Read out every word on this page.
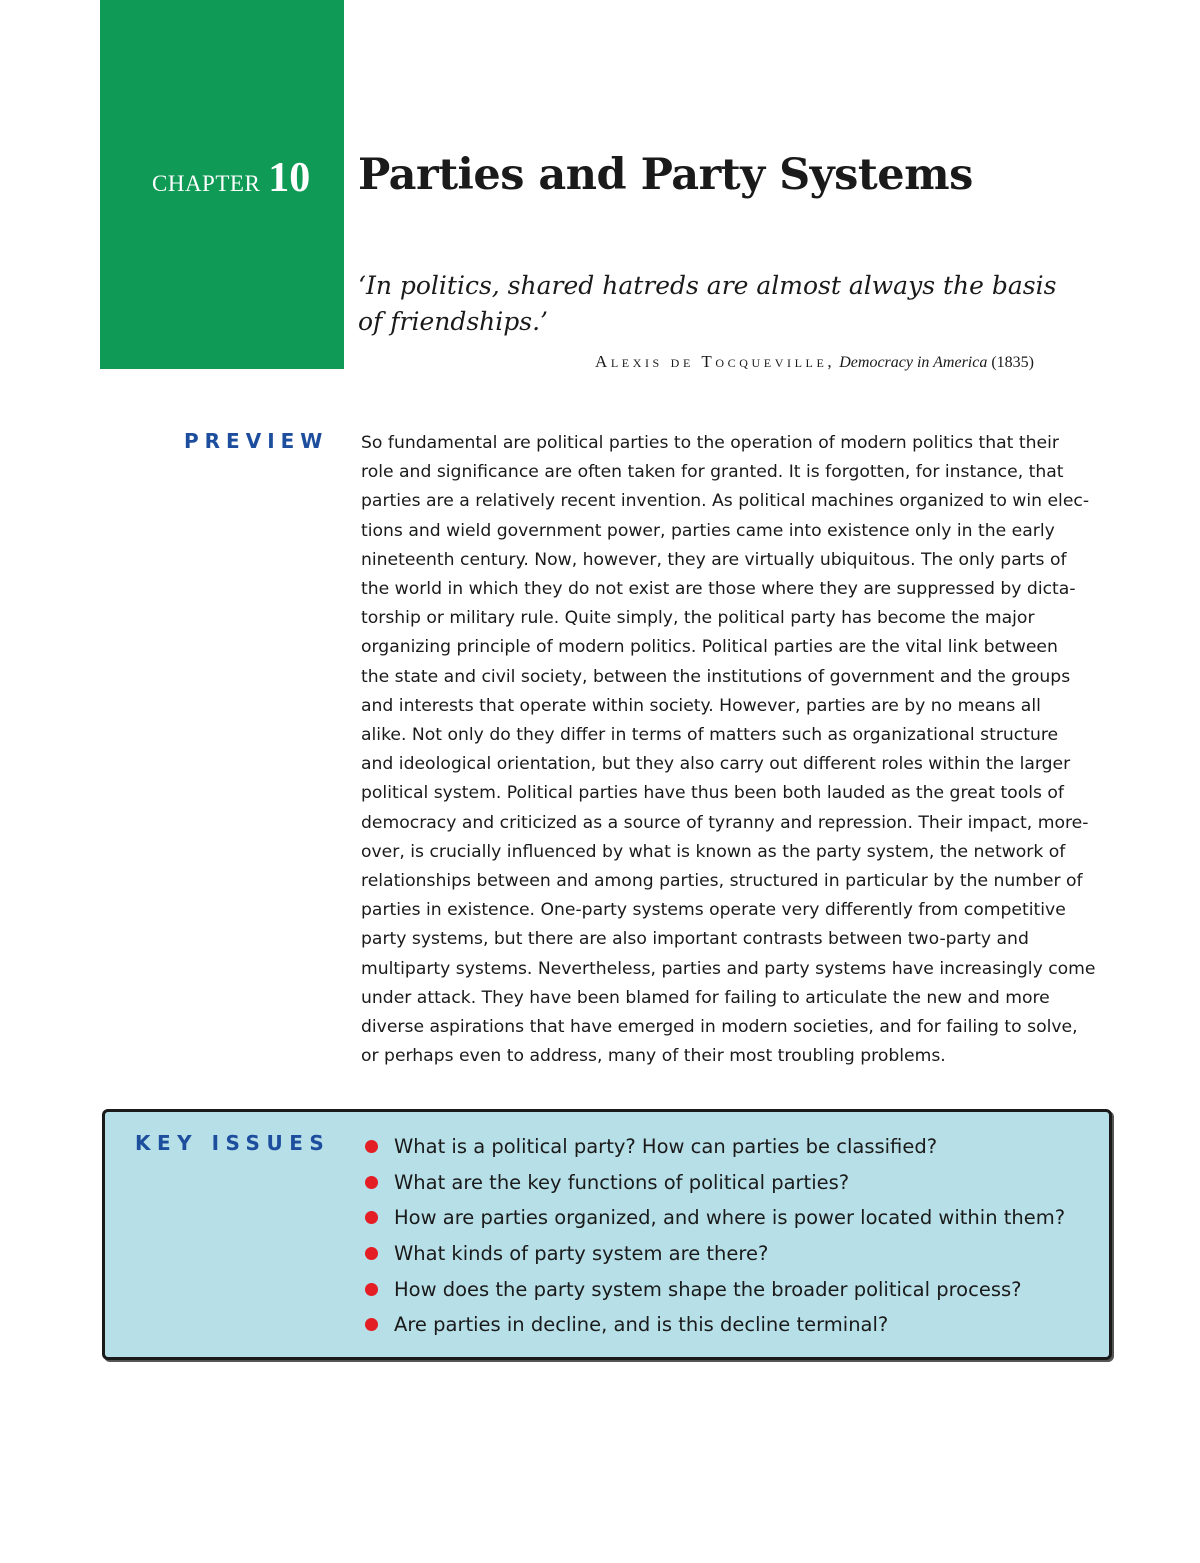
CHAPTER 10 Parties and Party Systems
‘In politics, shared hatreds are almost always the basis of friendships.’
Alexis de Tocqueville, Democracy in America (1835)
PREVIEW So fundamental are political parties to the operation of modern politics that their
role and significance are often taken for granted. It is forgotten, for instance, that
parties are a relatively recent invention. As political machines organized to win elec-
tions and wield government power, parties came into existence only in the early
nineteenth century. Now, however, they are virtually ubiquitous. The only parts of
the world in which they do not exist are those where they are suppressed by dicta-
torship or military rule. Quite simply, the political party has become the major
organizing principle of modern politics. Political parties are the vital link between
the state and civil society, between the institutions of government and the groups
and interests that operate within society. However, parties are by no means all
alike. Not only do they differ in terms of matters such as organizational structure
and ideological orientation, but they also carry out different roles within the larger
political system. Political parties have thus been both lauded as the great tools of
democracy and criticized as a source of tyranny and repression. Their impact, more-
over, is crucially influenced by what is known as the party system, the network of
relationships between and among parties, structured in particular by the number of
parties in existence. One-party systems operate very differently from competitive
party systems, but there are also important contrasts between two-party and
multiparty systems. Nevertheless, parties and party systems have increasingly come
under attack. They have been blamed for failing to articulate the new and more
diverse aspirations that have emerged in modern societies, and for failing to solve,
or perhaps even to address, many of their most troubling problems.
KEY ISSUES	What is a political party? How can parties be classified?
What are the key functions of political parties?
How are parties organized, and where is power located within them?
What kinds of party system are there?
How does the party system shape the broader political process?
Are parties in decline, and is this decline terminal?
